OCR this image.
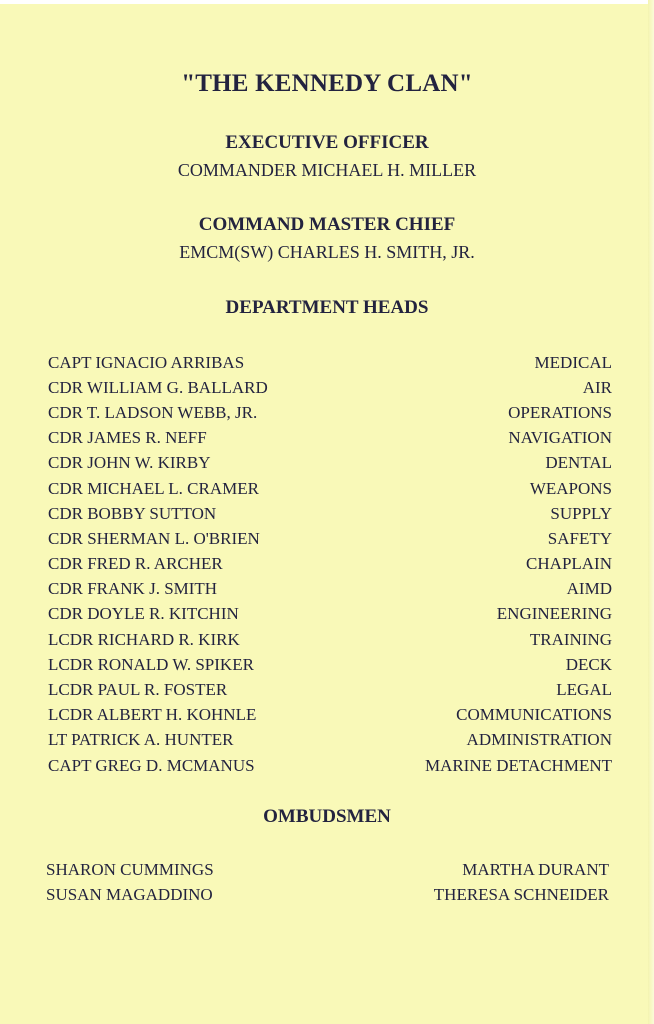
"THE KENNEDY CLAN"
EXECUTIVE OFFICER
COMMANDER MICHAEL H. MILLER
COMMAND MASTER CHIEF
EMCM(SW) CHARLES H. SMITH, JR.
DEPARTMENT HEADS
CAPT IGNACIO ARRIBAS	MEDICAL
CDR WILLIAM G. BALLARD	AIR
CDR T. LADSON WEBB, JR.	OPERATIONS
CDR JAMES R. NEFF	NAVIGATION
CDR JOHN W. KIRBY	DENTAL
CDR MICHAEL L. CRAMER	WEAPONS
CDR BOBBY SUTTON	SUPPLY
CDR SHERMAN L. O'BRIEN	SAFETY
CDR FRED R. ARCHER	CHAPLAIN
CDR FRANK J. SMITH	AIMD
CDR DOYLE R. KITCHIN	ENGINEERING
LCDR RICHARD R. KIRK	TRAINING
LCDR RONALD W. SPIKER	DECK
LCDR PAUL R. FOSTER	LEGAL
LCDR ALBERT H. KOHNLE	COMMUNICATIONS
LT PATRICK A. HUNTER	ADMINISTRATION
CAPT GREG D. MCMANUS	MARINE DETACHMENT
OMBUDSMEN
SHARON CUMMINGS	MARTHA DURANT
SUSAN MAGADDINO	THERESA SCHNEIDER
